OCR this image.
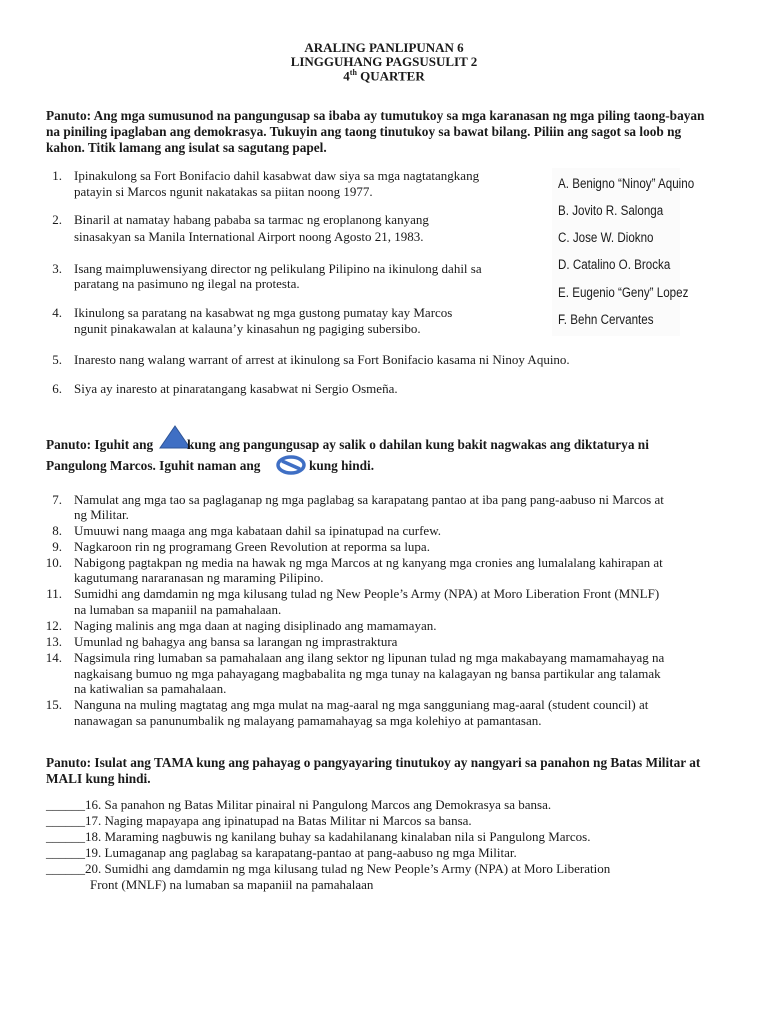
ARALING PANLIPUNAN 6
LINGGUHANG PAGSUSULIT 2
4th QUARTER
Panuto: Ang mga sumusunod na pangungusap sa ibaba ay tumutukoy sa mga karanasan ng mga piling taong-bayan na piniling ipaglaban ang demokrasya. Tukuyin ang taong tinutukoy sa bawat bilang. Piliin ang sagot sa loob ng kahon. Titik lamang ang isulat sa sagutang papel.
1. Ipinakulong sa Fort Bonifacio dahil kasabwat daw siya sa mga nagtatangkang
patayin si Marcos ngunit nakatakas sa piitan noong 1977.
2. Binaril at namatay habang pababa sa tarmac ng eroplanong kanyang
sinasakyan sa Manila International Airport noong Agosto 21, 1983.
3. Isang maimpluwensiyang director ng pelikulang Pilipino na ikinulong dahil sa
paratang na pasimuno ng ilegal na protesta.
4. Ikinulong sa paratang na kasabwat ng mga gustong pumatay kay Marcos
ngunit pinakawalan at kalauna’y kinasahun ng pagiging subersibo.
5. Inaresto nang walang warrant of arrest at ikinulong sa Fort Bonifacio kasama ni Ninoy Aquino.
6. Siya ay inaresto at pinaratangang kasabwat ni Sergio Osmeña.
A. Benigno “Ninoy” Aquino
B. Jovito R. Salonga
C. Jose W. Diokno
D. Catalino O. Brocka
E. Eugenio “Geny” Lopez
F. Behn Cervantes
Panuto: Iguhit ang	kung ang pangungusap ay salik o dahilan kung bakit nagwakas ang diktaturya ni
Pangulong Marcos. Iguhit naman ang	kung hindi.
7. Namulat ang mga tao sa paglaganap ng mga paglabag sa karapatang pantao at iba pang pang-aabuso ni Marcos at
ng Militar.
8. Umuuwi nang maaga ang mga kabataan dahil sa ipinatupad na curfew.
9. Nagkaroon rin ng programang Green Revolution at reporma sa lupa.
10. Nabigong pagtakpan ng media na hawak ng mga Marcos at ng kanyang mga cronies ang lumalalang kahirapan at
kagutumang nararanasan ng maraming Pilipino.
11. Sumidhi ang damdamin ng mga kilusang tulad ng New People’s Army (NPA) at Moro Liberation Front (MNLF)
na lumaban sa mapaniil na pamahalaan.
12. Naging malinis ang mga daan at naging disiplinado ang mamamayan.
13. Umunlad ng bahagya ang bansa sa larangan ng imprastraktura
14. Nagsimula ring lumaban sa pamahalaan ang ilang sektor ng lipunan tulad ng mga makabayang mamamahayag na
nagkaisang bumuo ng mga pahayagang magbabalita ng mga tunay na kalagayan ng bansa partikular ang talamak
na katiwalian sa pamahalaan.
15. Nanguna na muling magtatag ang mga mulat na mag-aaral ng mga sangguniang mag-aaral (student council) at
nanawagan sa panunumbalik ng malayang pamamahayag sa mga kolehiyo at pamantasan.
Panuto: Isulat ang TAMA kung ang pahayag o pangyayaring tinutukoy ay nangyari sa panahon ng Batas Militar at MALI kung hindi.
______16. Sa panahon ng Batas Militar pinairal ni Pangulong Marcos ang Demokrasya sa bansa.
______17. Naging mapayapa ang ipinatupad na Batas Militar ni Marcos sa bansa.
______18. Maraming nagbuwis ng kanilang buhay sa kadahilanang kinalaban nila si Pangulong Marcos.
______19. Lumaganap ang paglabag sa karapatang-pantao at pang-aabuso ng mga Militar.
______20. Sumidhi ang damdamin ng mga kilusang tulad ng New People’s Army (NPA) at Moro Liberation
Front (MNLF) na lumaban sa mapaniil na pamahalaan
